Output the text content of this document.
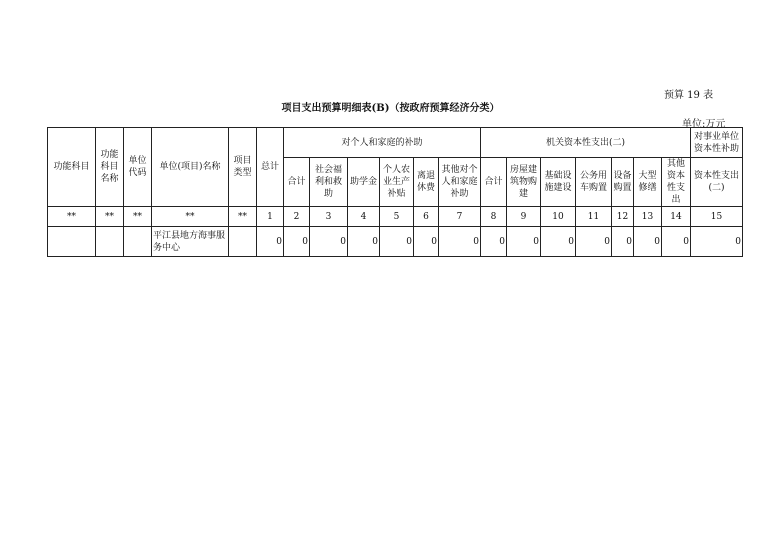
预算 19 表
项目支出预算明细表(B)（按政府预算经济分类）
单位:万元
功能科目	功能科目名称	单位代码	单位(项目)名称	项目类型	总计	对个人和家庭的补助						机关资本性支出(二)							对事业单位资本性补助
						合计	社会福利和救助	助学金	个人农业生产补贴	离退休费	其他对个人和家庭补助	合计	房屋建筑物购建	基础设施建设	公务用车购置	设备购置	大型修缮	其他资本性支出	资本性支出(二)
**	**	**	**	**	1	2	3	4	5	6	7	8	9	10	11	12	13	14	15
			平江县地方海事服务中心		0	0	0	0	0	0	0	0	0	0	0	0	0	0	0
